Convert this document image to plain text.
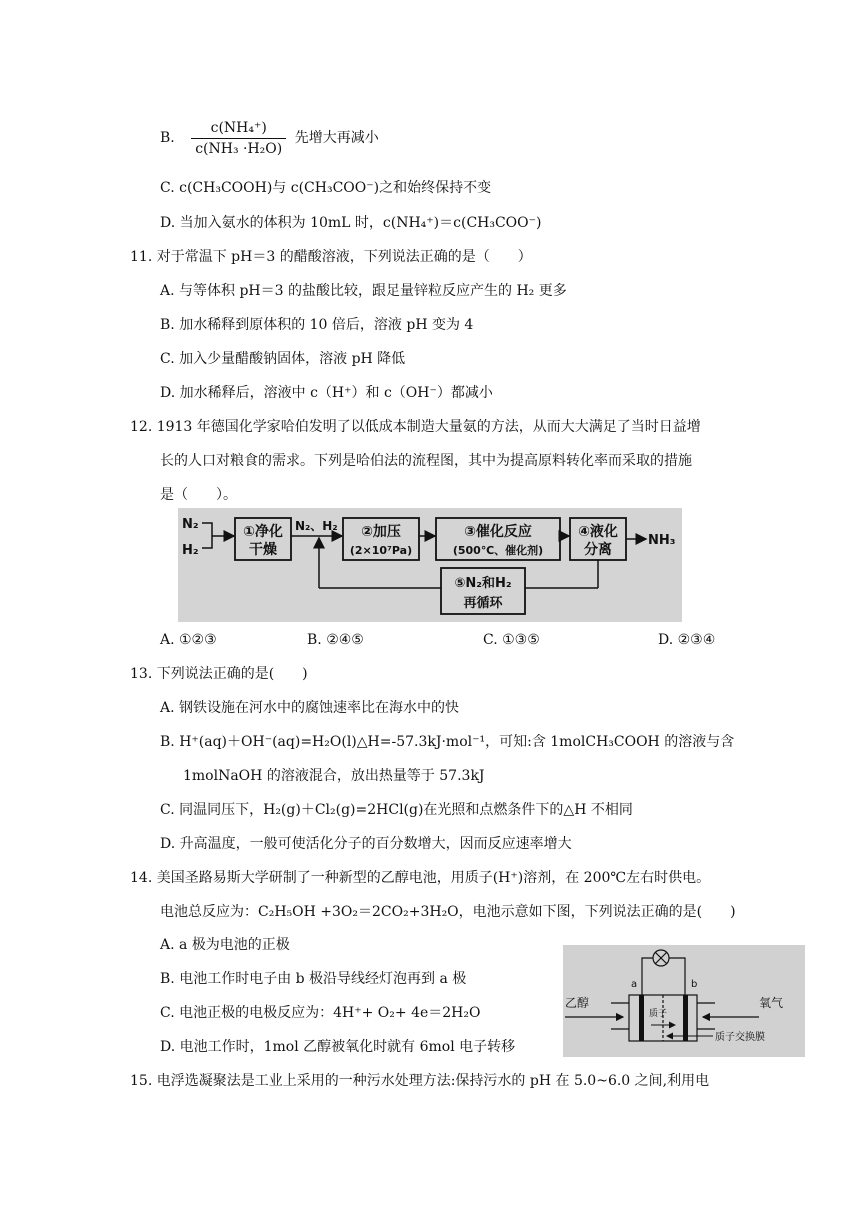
B. $\frac{\text{c(NH₄⁺)}}{\text{c(NH₃ ·H₂O)}}$ 先增大再减小
C. c(CH₃COOH)与 c(CH₃COO⁻)之和始终保持不变
D. 当加入氨水的体积为 10mL 时，c(NH₄⁺)＝c(CH₃COO⁻)
11. 对于常温下 pH＝3 的醋酸溶液，下列说法正确的是（　　）
A. 与等体积 pH＝3 的盐酸比较，跟足量锌粒反应产生的 H₂ 更多
B. 加水稀释到原体积的 10 倍后，溶液 pH 变为 4
C. 加入少量醋酸钠固体，溶液 pH 降低
D. 加水稀释后，溶液中 c（H⁺）和 c（OH⁻）都减小
12. 1913 年德国化学家哈伯发明了以低成本制造大量氨的方法，从而大大满足了当时日益增
长的人口对粮食的需求。下列是哈伯法的流程图，其中为提高原料转化率而采取的措施
是（　　）。
N₂
H₂
①净化
干燥
N₂、H₂ ②加压
(2×10⁷Pa)
③催化反应
(500℃、催化剂)
④液化
分离
NH₃
⑤N₂和H₂
再循环
A. ①②③	B. ②④⑤	C. ①③⑤	D. ②③④
13. 下列说法正确的是(　　)
A. 钢铁设施在河水中的腐蚀速率比在海水中的快
B. H⁺(aq)＋OH⁻(aq)=H₂O(l)△H=-57.3kJ·mol⁻¹，可知:含 1molCH₃COOH 的溶液与含
1molNaOH 的溶液混合，放出热量等于 57.3kJ
C. 同温同压下，H₂(g)＋Cl₂(g)=2HCl(g)在光照和点燃条件下的△H 不相同
D. 升高温度，一般可使活化分子的百分数增大，因而反应速率增大
14. 美国圣路易斯大学研制了一种新型的乙醇电池，用质子(H⁺)溶剂，在 200℃左右时供电。
电池总反应为：C₂H₅OH +3O₂＝2CO₂+3H₂O，电池示意如下图，下列说法正确的是(　　)
A. a 极为电池的正极
B. 电池工作时电子由 b 极沿导线经灯泡再到 a 极
C. 电池正极的电极反应为：4H⁺+ O₂+ 4e＝2H₂O
D. 电池工作时，1mol 乙醇被氧化时就有 6mol 电子转移
a	b
质子
乙醇	氧气
质子交换膜
15. 电浮选凝聚法是工业上采用的一种污水处理方法:保持污水的 pH 在 5.0~6.0 之间,利用电
